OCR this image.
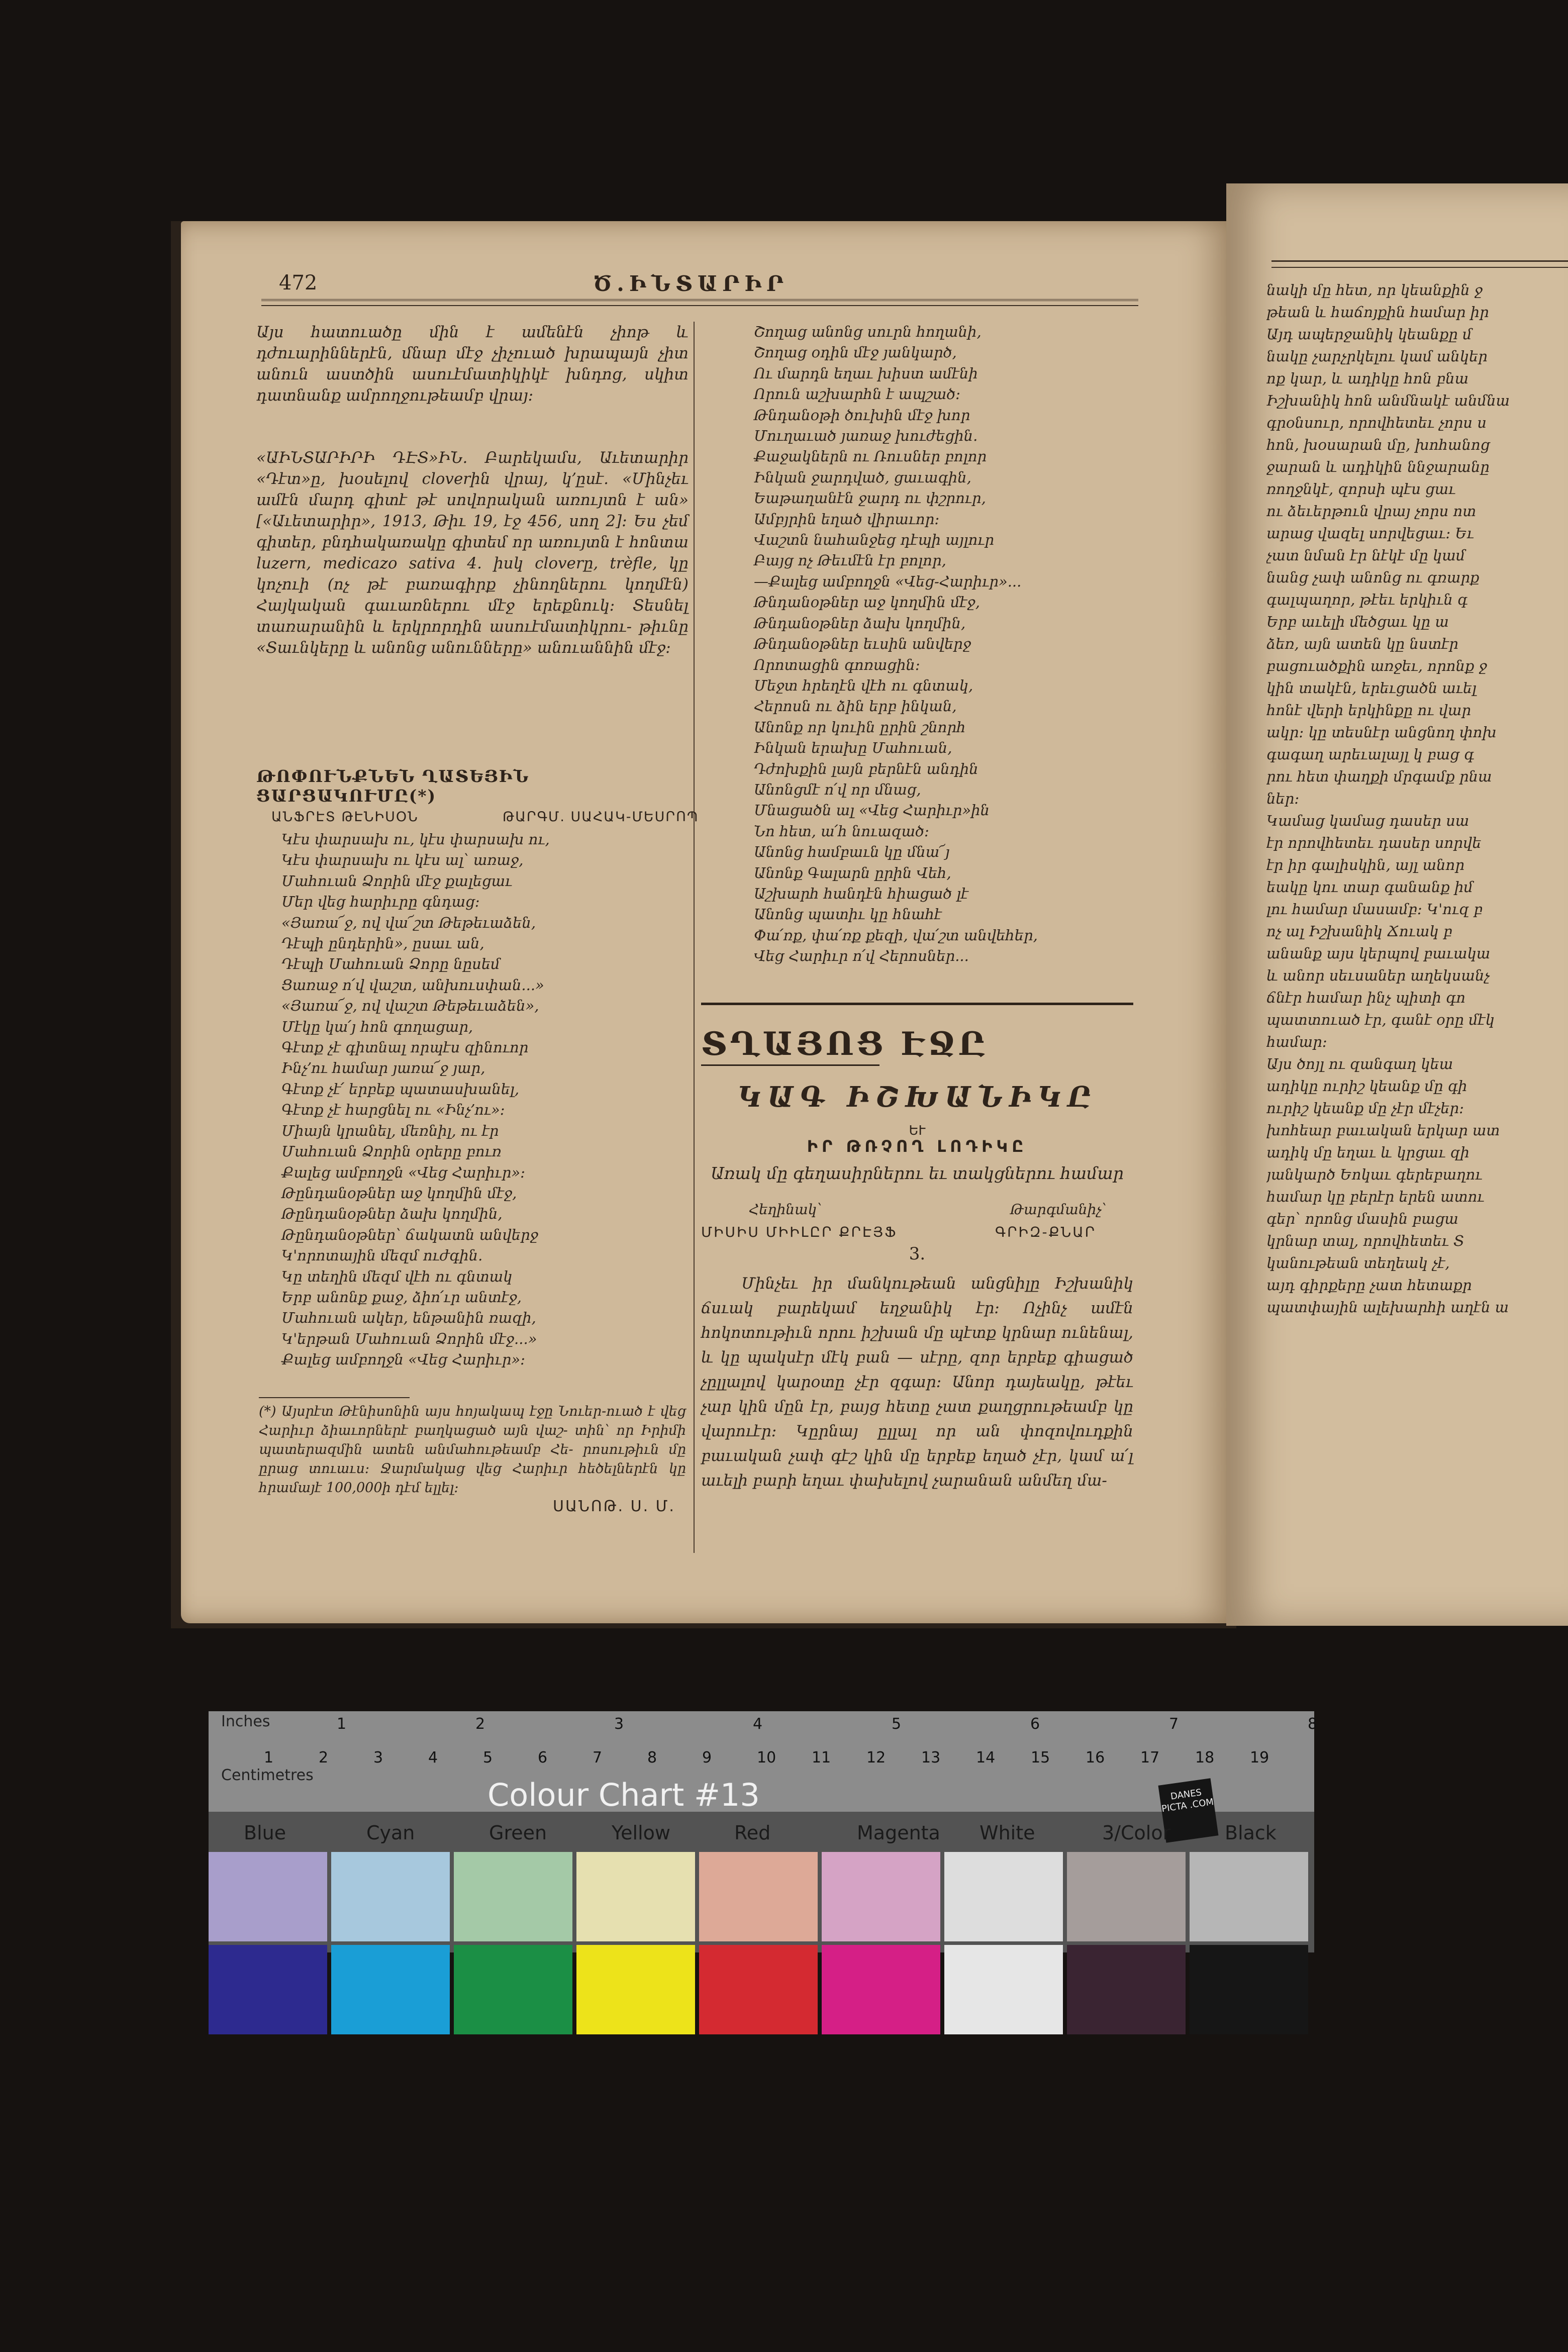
472	Ծ.ԻՆՏԱՐԻՐ

Այս հատուածը մին է ամենէն չիոթ և դժուարիններէն, մնար մէջ չիչուած խրապայն չիտ անուն աստծին ասուէմատիկիկէ խնդոց, սկիտ դատնանք ամրողջութեամբ վրայ։

«ԱԻՆՏԱՐԻՐԻ ԴԷՏ»ԻՆ. Բարեկամս, Աւետարիր «Դէտ»ը, խօսելով cloverին վրայ, կ՚ըսէ. «Մինչեւ ամէն մարդ գիտէ թէ սովորական առույտն է ան» [«Աւետարիր», 1913, Թիւ 19, էջ 456, սող 2]։ Ես չեմ գիտեր, բնդհակառակը գիտեմ որ առույտն է հոնտա luzern, medicazo sativa 4. իսկ cloverը, trèfle, կը կոչուի (ոչ թէ բառագիրք չինողներու կողմէն) Հայկական գաւառներու մէջ երեքնուկ։ Տեսնել տառարանին և երկրորդին ասուէմատիկրու- թիւնը «Տաւնկերը և անոնց անունները» անուաննին մէջ։

ԹՈՓՈՒՆՔՆԵՆ ՂԱՏԵՅԻՆ ՑԱՐՑԱԿՈՒՄԸ(*)
ԱՆՖՐԷՏ ԹԷՆԻՍՕՆ	ԹԱՐԳՄ. ՍԱՀԱԿ-ՄԵՍՐՈՊ

Կէս փարսախ ու, կէս փարսախ ու,

Կէս փարսախ ու կէս ալ՝ առաջ,

Մահուան Ձորին մէջ քալեցաւ

Մեր վեց հարիւրը գնդաց։

«Յառա՜ջ, ով վա՜շտ Թեթեւաձեն,

Դէպի ընդերին», ըսաւ ան,

Դէպի Մահուան Ձորը նըսեմ

Ցառաջ ո՛վ վաշտ, անխուսփան...»

«Յառա՜ջ, ով վաշտ Թեթեւաձեն»,

Մէկը կա՛յ հոն գողացար,

Գէտք չէ գիտնալ որպէս զինուոր

Ինչ՚ու համար յառա՜ջ յար,

Գէտք չէ՛ երբեք պատասխանել,

Գէտք չէ հարցնել ու «Ինչ՚ու»։

Միայն կրանել, մեռնիլ, ու էր

Մահուան Ձորին օրերը բուռ

Քալեց ամբողջն «Վեց Հարիւր»։

Թընդանօթներ աջ կողմին մէջ,

Թընդանօթներ ձախ կողմին,

Թընդանօթներ՝ ճակատն անվերջ

Կ'որոտային մեզմ ուժգին.

Կը տեղին մեզմ վէհ ու գնտակ

Երբ անոնք քաջ, ձիո՛ւր անտէջ,

Մահուան ակեր, ենթանին ռազի,

Կ'երթան Մահուան Ձորին մէջ...»

Քալեց ամբողջն «Վեց Հարիւր»։

(*) Այսրէտ Թէնիսոնին այս հոյակապ էջը Նուեր-ուած է վեց Հարիւր ձիաւորներէ բաղկացած այն վաշ- տին՝ որ Իրիմի պատերազմին ատեն անմահութեամբ Հե- րոսութիւն մը ըրաց տուաւս։ Ջարմակաց վեց Հարիւր հեծելներէն կը հրամայէ 100,000ի դէմ ելլել։

ՍԱՆՈԹ. Ս. Մ.

Շողաց անոնց սուրն հողանի,

Շողաց օդին մէջ յանկարծ,

Ու մարդն եղաւ խիստ ամէնի

Որուն աշխարհն է ապշած։

Թնդանօթի ծուխին մէջ խոր

Մուղաւած յառաջ խուժեցին.

Քաջակներն ու Ռուսներ բոլոր

Ինկան ջարդված, ցաւագին,

Եաթաղանէն ջարդ ու փշրուր,

Ամբյրին եղած վիրաւոր։

Վաշտն նահանջեց դէպի այլուր

Բայց ոչ Թեւմէն էր բոլոր,

—Քալեց ամբողջն «Վեց-Հարիւր»...

Թնդանօթներ աջ կողմին մէջ,

Թնդանօթներ ձախ կողմին,

Թնդանօթներ եւսին անվերջ

Որոտացին գոռացին։

Մեջտ հրեղէն վէհ ու գնտակ,

Հերոսն ու ձին երբ ինկան,

Անոնք որ կուին ըրին շնորհ

Ինկան երախը Մահուան,

Դժոխքին լայն բերնէն անդին

Անոնցմէ ո՛վ որ մնաց,

Մնացածն ալ «Վեց Հարիւր»ին

Նո հետ, ա՛հ նուազած։

Անոնց համբաւն կը մնա՜յ

Անոնք Գալարն ըրին Վեհ,

Աշխարհ հանդէն հիացած լէ

Անոնց պատիւ կը հնահէ

Փա՛ռք, փա՛ռք քեզի, վա՛շտ անվեհեր,

Վեց Հարիւր ո՛վ Հերոսներ...

ՏՂԱՅՈՑ ԷՋԸ
ԿԱԳ ԻՇԽԱՆԻԿԸ
ԵՒ
ԻՐ ԹՌՉՈՂ ԼՈԴԻԿԸ
Առակ մը գեղասիրներու եւ տակցներու համար
Հեղինակ՝
ՄԻՍԻՍ ՄԻԻԼԸՐ ՔՐԷՅՖ
Թարգմանիչ՝
ԳՐԻԶ-ՔՆԱՐ
3.

Մինչեւ իր մանկութեան անցնիլը Իշխանիկ ճսւակ բարեկամ եղջանիկ էր։ Ոչինչ ամէն հոկոտութիւն որու իշխան մը պէտք կրնար ունենալ, և կը պակսէր մէկ բան — սէրը, զոր երբեք գիացած չըլլալով կարօտը չէր զգար։ Անոր դայեակը, թէեւ չար կին մըն էր, բայց հետը չատ քաղցրութեամբ կը վարուէր։ Կըրնայ ըլլալ որ ան փոզովուդքին բաւական չափ գէշ կին մը երբեք եղած չէր, կամ ա՛լ աւելի բարի եղաւ փախելով չարանան անմեղ մա-

նակի մը հետ, որ կեանքին ջ

թեան և հաճոյքին համար իր

Այդ ապերջանիկ կեանքը մ

նակը չարչրկելու կամ անկեր

ոք կար, և ադիկը հոն բնա

Իշխանիկ հոն անմնակէ անմնա

գրօնսուր, որովհետեւ չորս ս

հոն, խօսարան մը, խոհանոց

ջարան և ադիկին ննջարանը

ռողջնկէ, զորսի պէս ցաւ

ու ձեւերթուն վրայ չորս ոտ

արաց վազել սորվեցաւ։ Եւ

չատ նման էր նէկէ մը կամ

նանց չափ անոնց ու գռարք

գալպաղոր, թէեւ երկիւն գ

Երբ աւելի մեծցաւ կը ա

ձեռ, այն ատեն կը նստէր

բացուածքին առջեւ, որոնք ջ

կին տակէն, երեւցածն աւել

հոնէ վերի երկինքը ու վար

ակր։ կը տեսնէր անցնող փոխ

գագաղ արեւալայլ կ բաց գ

րու հետ փաղքի մրգամք րնա

ներ։

Կամաց կամաց դասեր սա

էր որովհետեւ դասեր սորվե

էր իր գալիսկին, այլ անոր

եակը կու տար գանանք իմ

լու համար մասամբ։ Կ'ուզ բ

ոչ ալ Իշխանիկ Ճուակ բ

անանք այս կերպով բաւակա

և անոր սեւսաներ աղեկսանչ

ճնէր համար ինչ պիտի գո

պատտուած էր, գանէ օրը մէկ

համար։

Այս ծոյլ ու զանգաղ կեա

ադիկը ուրիշ կեանք մը գի

ուրիշ կեանք մը չէր մէչեր։

խոհեար բաւական երկար ատ

ադիկ մը եղաւ և կրցաւ զի

յանկարծ Եոկաւ գերեբաղու

համար կը բերէր երեն ատու

գեր՝ որոնց մասին բացա

կրնար տալ, որովհետեւ Տ

կանութեան տեղեակ չէ,

այդ գիրքերը չատ հետաքր

պատփային ալեխարհի աղէն ա

Inches
Centimetres
1	2	3	4	5	6	7	8
1	2	3	4	5	6	7	8	9	10 11 12 13 14 15 16 17 18 19
Colour Chart #13	DANES PICTA .COM
Blue	Cyan	Green	Yellow	Red	Magenta White	3/Color	Black
